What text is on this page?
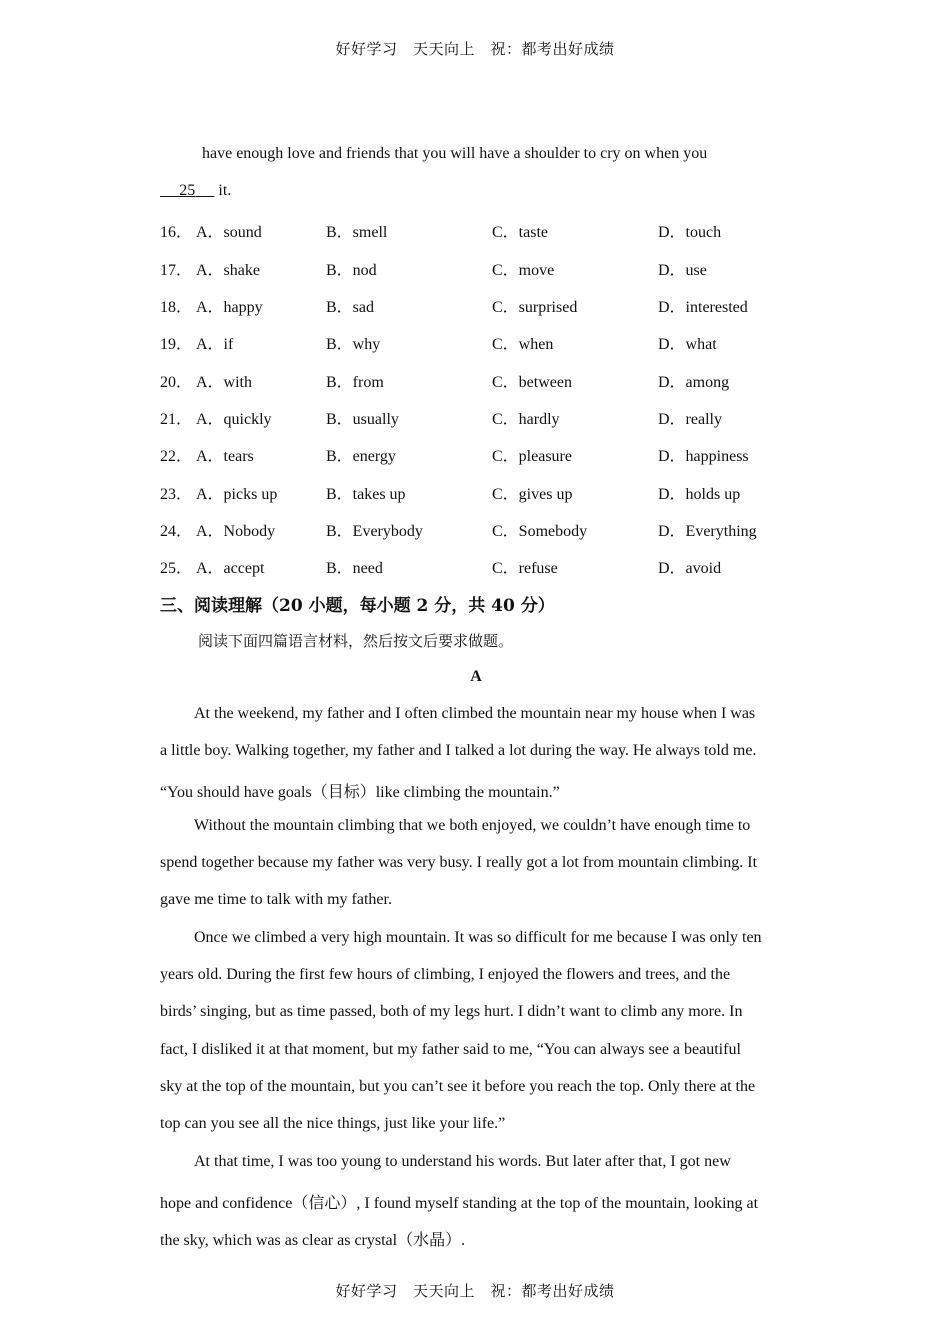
好好学习　天天向上　祝：都考出好成绩
have enough love and friends that you will have a shoulder to cry on when you
  25   it.
16． A．sound	B．smell	C．taste	D．touch
17． A．shake	B．nod	C．move	D．use
18． A．happy	B．sad	C．surprised	D．interested
19． A．if	B．why	C．when	D．what
20． A．with	B．from	C．between	D．among
21． A．quickly	B．usually	C．hardly	D．really
22． A．tears	B．energy	C．pleasure	D．happiness
23． A．picks up	B．takes up	C．gives up	D．holds up
24． A．Nobody	B．Everybody	C．Somebody	D．Everything
25． A．accept	B．need	C．refuse	D．avoid
三、阅读理解（20 小题，每小题 2 分，共 40 分）
阅读下面四篇语言材料，然后按文后要求做题。
A
At the weekend, my father and I often climbed the mountain near my house when I was
a little boy. Walking together, my father and I talked a lot during the way. He always told me.
“You should have goals（目标）like climbing the mountain.”
Without the mountain climbing that we both enjoyed, we couldn’t have enough time to
spend together because my father was very busy. I really got a lot from mountain climbing. It
gave me time to talk with my father.
Once we climbed a very high mountain. It was so difficult for me because I was only ten
years old. During the first few hours of climbing, I enjoyed the flowers and trees, and the
birds’ singing, but as time passed, both of my legs hurt. I didn’t want to climb any more. In
fact, I disliked it at that moment, but my father said to me, “You can always see a beautiful
sky at the top of the mountain, but you can’t see it before you reach the top. Only there at the
top can you see all the nice things, just like your life.”
At that time, I was too young to understand his words. But later after that, I got new
hope and confidence（信心）, I found myself standing at the top of the mountain, looking at
the sky, which was as clear as crystal（水晶）.
好好学习　天天向上　祝：都考出好成绩
